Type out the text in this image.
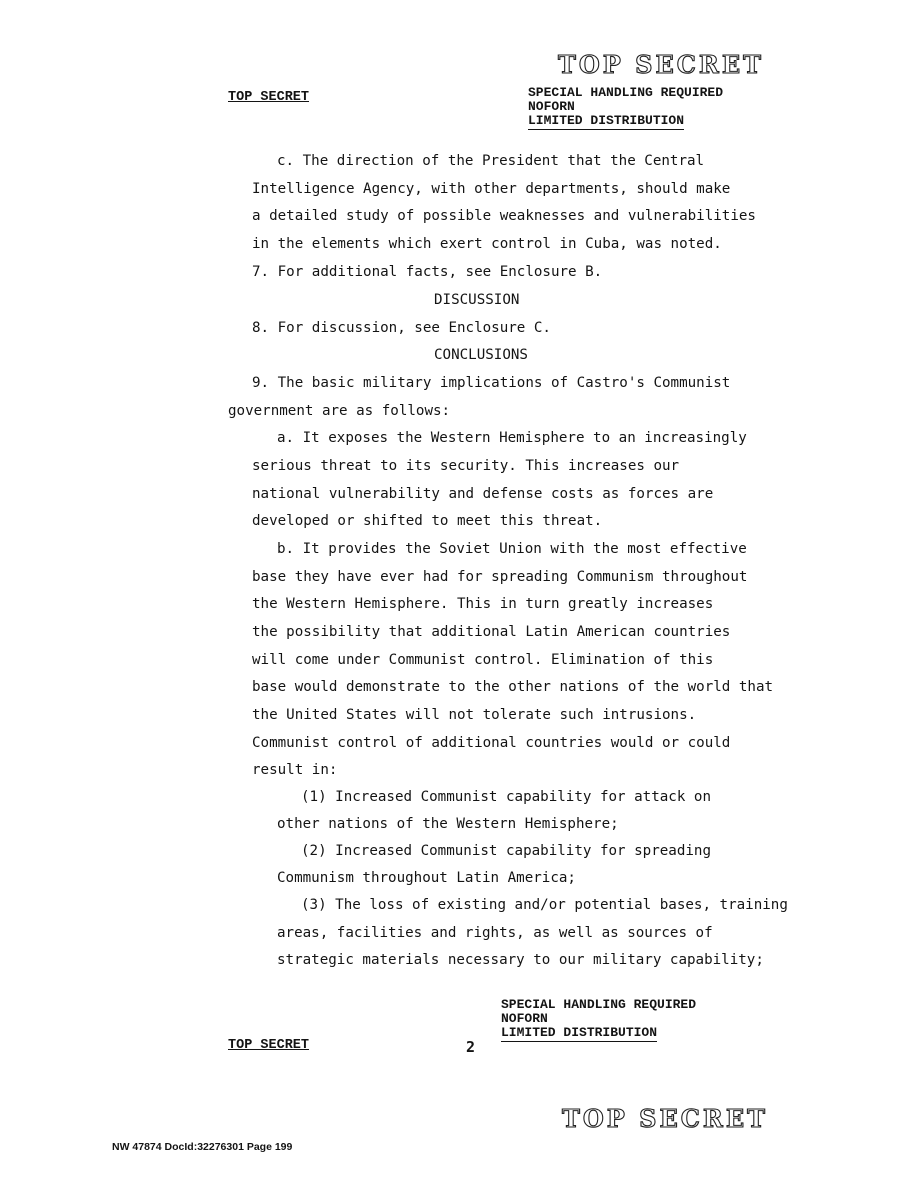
TOP SECRET
TOP SECRET	SPECIAL HANDLING REQUIRED
NOFORN
LIMITED DISTRIBUTION
c. The direction of the President that the Central
Intelligence Agency, with other departments, should make
a detailed study of possible weaknesses and vulnerabilities
in the elements which exert control in Cuba, was noted.
7. For additional facts, see Enclosure B.
DISCUSSION
8. For discussion, see Enclosure C.
CONCLUSIONS
9. The basic military implications of Castro's Communist
government are as follows:
a. It exposes the Western Hemisphere to an increasingly
serious threat to its security. This increases our
national vulnerability and defense costs as forces are
developed or shifted to meet this threat.
b. It provides the Soviet Union with the most effective
base they have ever had for spreading Communism throughout
the Western Hemisphere. This in turn greatly increases
the possibility that additional Latin American countries
will come under Communist control. Elimination of this
base would demonstrate to the other nations of the world that
the United States will not tolerate such intrusions.
Communist control of additional countries would or could
result in:
(1) Increased Communist capability for attack on
other nations of the Western Hemisphere;
(2) Increased Communist capability for spreading
Communism throughout Latin America;
(3) The loss of existing and/or potential bases, training
areas, facilities and rights, as well as sources of
strategic materials necessary to our military capability;
SPECIAL HANDLING REQUIRED
NOFORN
LIMITED DISTRIBUTION
TOP SECRET	2
TOP SECRET
NW 47874 DocId:32276301 Page 199
